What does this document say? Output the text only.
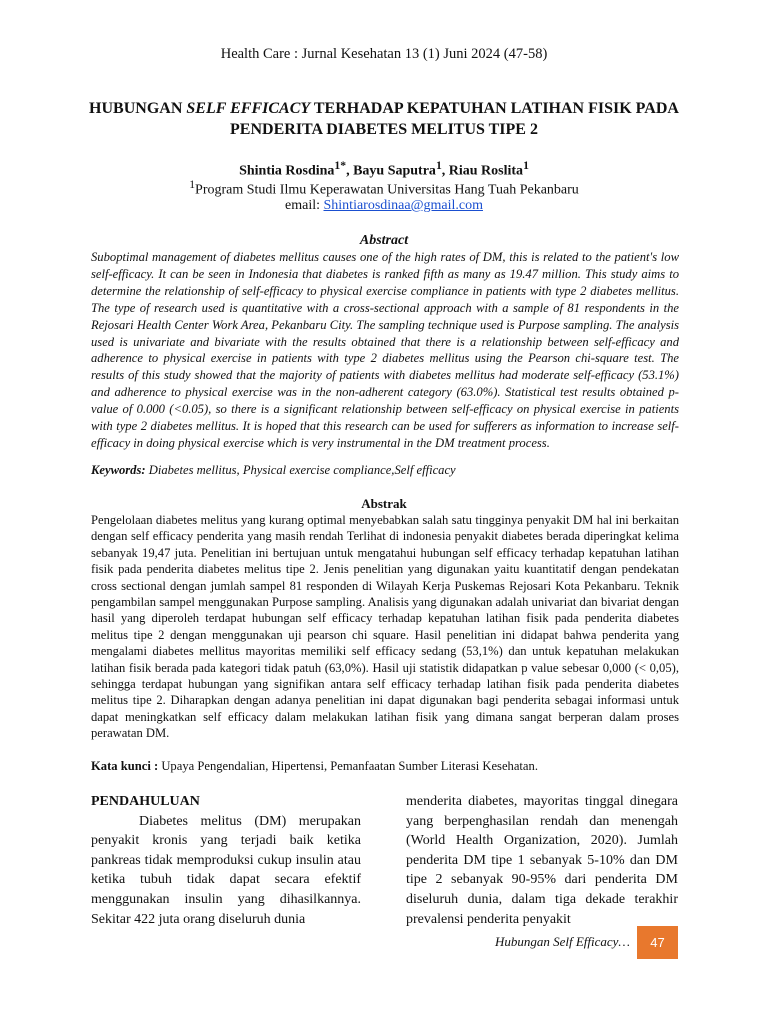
Health Care : Jurnal Kesehatan 13 (1) Juni 2024 (47-58)
HUBUNGAN SELF EFFICACY TERHADAP KEPATUHAN LATIHAN FISIK PADA PENDERITA DIABETES MELITUS TIPE 2
Shintia Rosdina$^{1*}$, Bayu Saputra$^1$, Riau Roslita$^1$
$^1$Program Studi Ilmu Keperawatan Universitas Hang Tuah Pekanbaru
email: Shintiarosdinaa@gmail.com
Abstract

Suboptimal management of diabetes mellitus causes one of the high rates of DM, this is related to the patient's low self-efficacy. It can be seen in Indonesia that diabetes is ranked fifth as many as 19.47 million. This study aims to determine the relationship of self-efficacy to physical exercise compliance in patients with type 2 diabetes mellitus. The type of research used is quantitative with a cross-sectional approach with a sample of 81 respondents in the Rejosari Health Center Work Area, Pekanbaru City. The sampling technique used is Purpose sampling. The analysis used is univariate and bivariate with the results obtained that there is a relationship between self-efficacy and adherence to physical exercise in patients with type 2 diabetes mellitus using the Pearson chi-square test. The results of this study showed that the majority of patients with diabetes mellitus had moderate self-efficacy (53.1%) and adherence to physical exercise was in the non-adherent category (63.0%). Statistical test results obtained p-value of 0.000 (<0.05), so there is a significant relationship between self-efficacy on physical exercise in patients with type 2 diabetes mellitus. It is hoped that this research can be used for sufferers as information to increase self-efficacy in doing physical exercise which is very instrumental in the DM treatment process.

Keywords: Diabetes mellitus, Physical exercise compliance,Self efficacy

Abstrak

Pengelolaan diabetes melitus yang kurang optimal menyebabkan salah satu tingginya penyakit DM hal ini berkaitan dengan self efficacy penderita yang masih rendah Terlihat di indonesia penyakit diabetes berada diperingkat kelima sebanyak 19,47 juta. Penelitian ini bertujuan untuk mengatahui hubungan self efficacy terhadap kepatuhan latihan fisik pada penderita diabetes melitus tipe 2. Jenis penelitian yang digunakan yaitu kuantitatif dengan pendekatan cross sectional dengan jumlah sampel 81 responden di Wilayah Kerja Puskemas Rejosari Kota Pekanbaru. Teknik pengambilan sampel menggunakan Purpose sampling. Analisis yang digunakan adalah univariat dan bivariat dengan hasil yang diperoleh terdapat hubungan self efficacy terhadap kepatuhan latihan fisik pada penderita diabetes melitus tipe 2 dengan menggunakan uji pearson chi square. Hasil penelitian ini didapat bahwa penderita yang mengalami diabetes mellitus mayoritas memiliki self efficacy sedang (53,1%) dan untuk kepatuhan melakukan latihan fisik berada pada kategori tidak patuh (63,0%). Hasil uji statistik didapatkan p value sebesar 0,000 (< 0,05), sehingga terdapat hubungan yang signifikan antara self efficacy terhadap latihan fisik pada penderita diabetes melitus tipe 2. Diharapkan dengan adanya penelitian ini dapat digunakan bagi penderita sebagai informasi untuk dapat meningkatkan self efficacy dalam melakukan latihan fisik yang dimana sangat berperan dalam proses perawatan DM.

Kata kunci : Upaya Pengendalian, Hipertensi, Pemanfaatan Sumber Literasi Kesehatan.

PENDAHULUAN

Diabetes melitus (DM) merupakan penyakit kronis yang terjadi baik ketika pankreas tidak memproduksi cukup insulin atau ketika tubuh tidak dapat secara efektif menggunakan insulin yang dihasilkannya. Sekitar 422 juta orang diseluruh dunia

menderita diabetes, mayoritas tinggal dinegara yang berpenghasilan rendah dan menengah (World Health Organization, 2020). Jumlah penderita DM tipe 1 sebanyak 5-10% dan DM tipe 2 sebanyak 90-95% dari penderita DM diseluruh dunia, dalam tiga dekade terakhir prevalensi penderita penyakit

Hubungan Self Efficacy…	47
